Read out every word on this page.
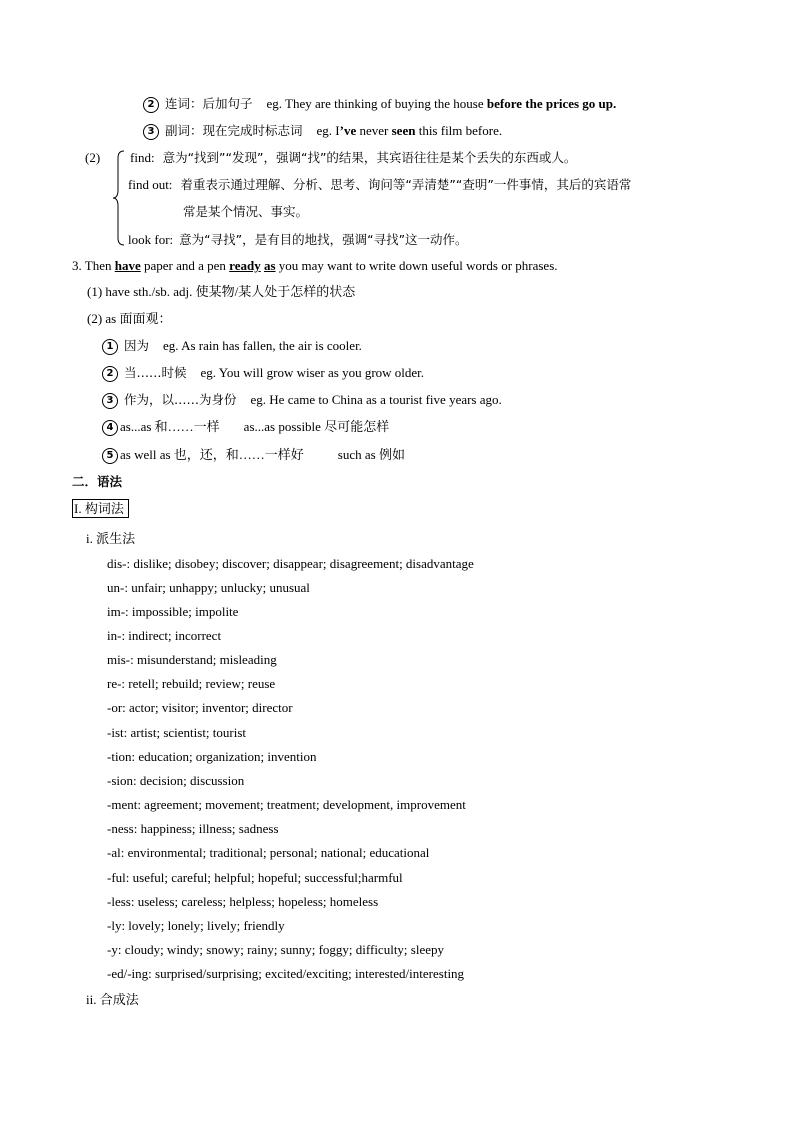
2 连词：后加句子 eg. They are thinking of buying the house before the prices go up.
3 副词：现在完成时标志词 eg. I’ve never seen this film before.
(2) find: 意为“找到”“发现”，强调“找”的结果，其宾语往往是某个丢失的东西或人。
find out: 着重表示通过理解、分析、思考、询问等“弄清楚”“查明”一件事情，其后的宾语常
常是某个情况、事实。
look for: 意为“寻找”，是有目的地找，强调“寻找”这一动作。
3. Then have paper and a pen ready as you may want to write down useful words or phrases.
(1) have sth./sb. adj. 使某物/某人处于怎样的状态
(2) as 面面观：
1 因为 eg. As rain has fallen, the air is cooler.
2 当……时候 eg. You will grow wiser as you grow older.
3 作为，以……为身份 eg. He came to China as a tourist five years ago.
4 as...as 和……一样 as...as possible 尽可能怎样
5 as well as 也，还，和……一样好	such as 例如
二．语法
I. 构词法
i. 派生法
dis-: dislike; disobey; discover; disappear; disagreement; disadvantage
un-: unfair; unhappy; unlucky; unusual
im-: impossible; impolite
in-: indirect; incorrect
mis-: misunderstand; misleading
re-: retell; rebuild; review; reuse
-or: actor; visitor; inventor; director
-ist: artist; scientist; tourist
-tion: education; organization; invention
-sion: decision; discussion
-ment: agreement; movement; treatment; development, improvement
-ness: happiness; illness; sadness
-al: environmental; traditional; personal; national; educational
-ful: useful; careful; helpful; hopeful; successful;harmful
-less: useless; careless; helpless; hopeless; homeless
-ly: lovely; lonely; lively; friendly
-y: cloudy; windy; snowy; rainy; sunny; foggy; difficulty; sleepy
-ed/-ing: surprised/surprising; excited/exciting; interested/interesting
ii. 合成法
